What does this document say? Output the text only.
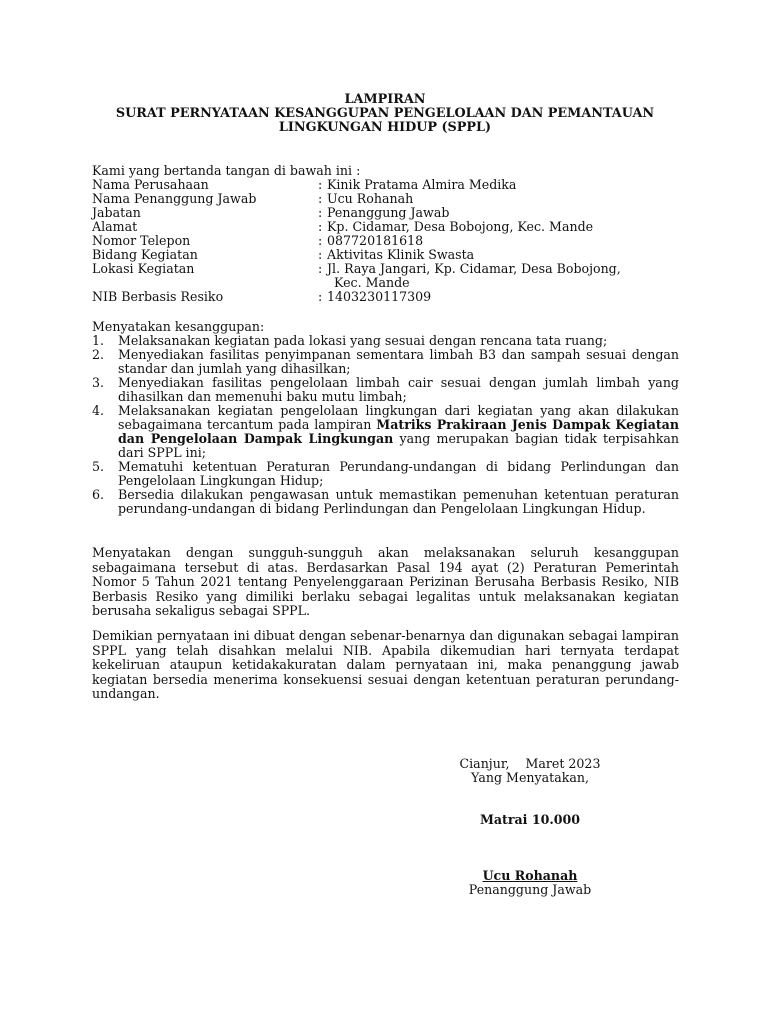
LAMPIRAN
SURAT PERNYATAAN KESANGGUPAN PENGELOLAAN DAN PEMANTAUAN
LINGKUNGAN HIDUP (SPPL)
Kami yang bertanda tangan di bawah ini :
Nama Perusahaan	: Kinik Pratama Almira Medika
Nama Penanggung Jawab	: Ucu Rohanah
Jabatan	: Penanggung Jawab
Alamat	: Kp. Cidamar, Desa Bobojong, Kec. Mande
Nomor Telepon	: 087720181618
Bidang Kegiatan	: Aktivitas Klinik Swasta
Lokasi Kegiatan	: Jl. Raya Jangari, Kp. Cidamar, Desa Bobojong,
Kec. Mande
NIB Berbasis Resiko	: 1403230117309
Menyatakan kesanggupan:
1.	Melaksanakan kegiatan pada lokasi yang sesuai dengan rencana tata ruang;
2.	Menyediakan fasilitas penyimpanan sementara limbah B3 dan sampah sesuai dengan standar dan jumlah yang dihasilkan;
3.	Menyediakan fasilitas pengelolaan limbah cair sesuai dengan jumlah limbah yang dihasilkan dan memenuhi baku mutu limbah;
4.	Melaksanakan kegiatan pengelolaan lingkungan dari kegiatan yang akan dilakukan sebagaimana tercantum pada lampiran Matriks Prakiraan Jenis Dampak Kegiatan dan Pengelolaan Dampak Lingkungan yang merupakan bagian tidak terpisahkan dari SPPL ini;
5.	Mematuhi ketentuan Peraturan Perundang-undangan di bidang Perlindungan dan Pengelolaan Lingkungan Hidup;
6.	Bersedia dilakukan pengawasan untuk memastikan pemenuhan ketentuan peraturan perundang-undangan di bidang Perlindungan dan Pengelolaan Lingkungan Hidup.
Menyatakan dengan sungguh-sungguh akan melaksanakan seluruh kesanggupan sebagaimana tersebut di atas. Berdasarkan Pasal 194 ayat (2) Peraturan Pemerintah Nomor 5 Tahun 2021 tentang Penyelenggaraan Perizinan Berusaha Berbasis Resiko, NIB Berbasis Resiko yang dimiliki berlaku sebagai legalitas untuk melaksanakan kegiatan berusaha sekaligus sebagai SPPL.
Demikian pernyataan ini dibuat dengan sebenar-benarnya dan digunakan sebagai lampiran SPPL yang telah disahkan melalui NIB. Apabila dikemudian hari ternyata terdapat kekeliruan ataupun ketidakakuratan dalam pernyataan ini, maka penanggung jawab kegiatan bersedia menerima konsekuensi sesuai dengan ketentuan peraturan perundang-undangan.
Cianjur,    Maret 2023
Yang Menyatakan,
Matrai 10.000
Ucu Rohanah
Penanggung Jawab
